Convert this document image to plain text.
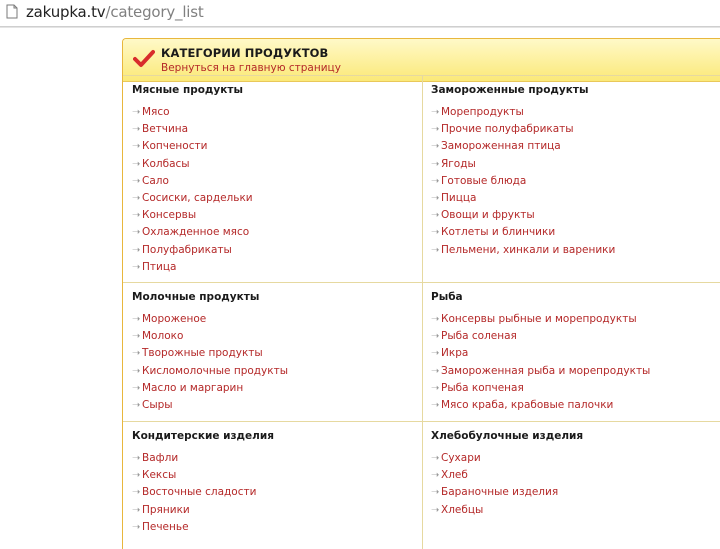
zakupka.tv/category_list
КАТЕГОРИИ ПРОДУКТОВ
Вернуться на главную страницу
Мясные продукты
➝ Мясо
➝ Ветчина
➝ Копчености
➝ Колбасы
➝ Сало
➝ Сосиски, сардельки
➝ Консервы
➝ Охлажденное мясо
➝ Полуфабрикаты
➝ Птица
Замороженные продукты
➝ Морепродукты
➝ Прочие полуфабрикаты
➝ Замороженная птица
➝ Ягоды
➝ Готовые блюда
➝ Пицца
➝ Овощи и фрукты
➝ Котлеты и блинчики
➝ Пельмени, хинкали и вареники
Молочные продукты
➝ Мороженое
➝ Молоко
➝ Творожные продукты
➝ Кисломолочные продукты
➝ Масло и маргарин
➝ Сыры
Рыба
➝ Консервы рыбные и морепродукты
➝ Рыба соленая
➝ Икра
➝ Замороженная рыба и морепродукты
➝ Рыба копченая
➝ Мясо краба, крабовые палочки
Кондитерские изделия
➝ Вафли
➝ Кексы
➝ Восточные сладости
➝ Пряники
➝ Печенье
Хлебобулочные изделия
➝ Сухари
➝ Хлеб
➝ Бараночные изделия
➝ Хлебцы
